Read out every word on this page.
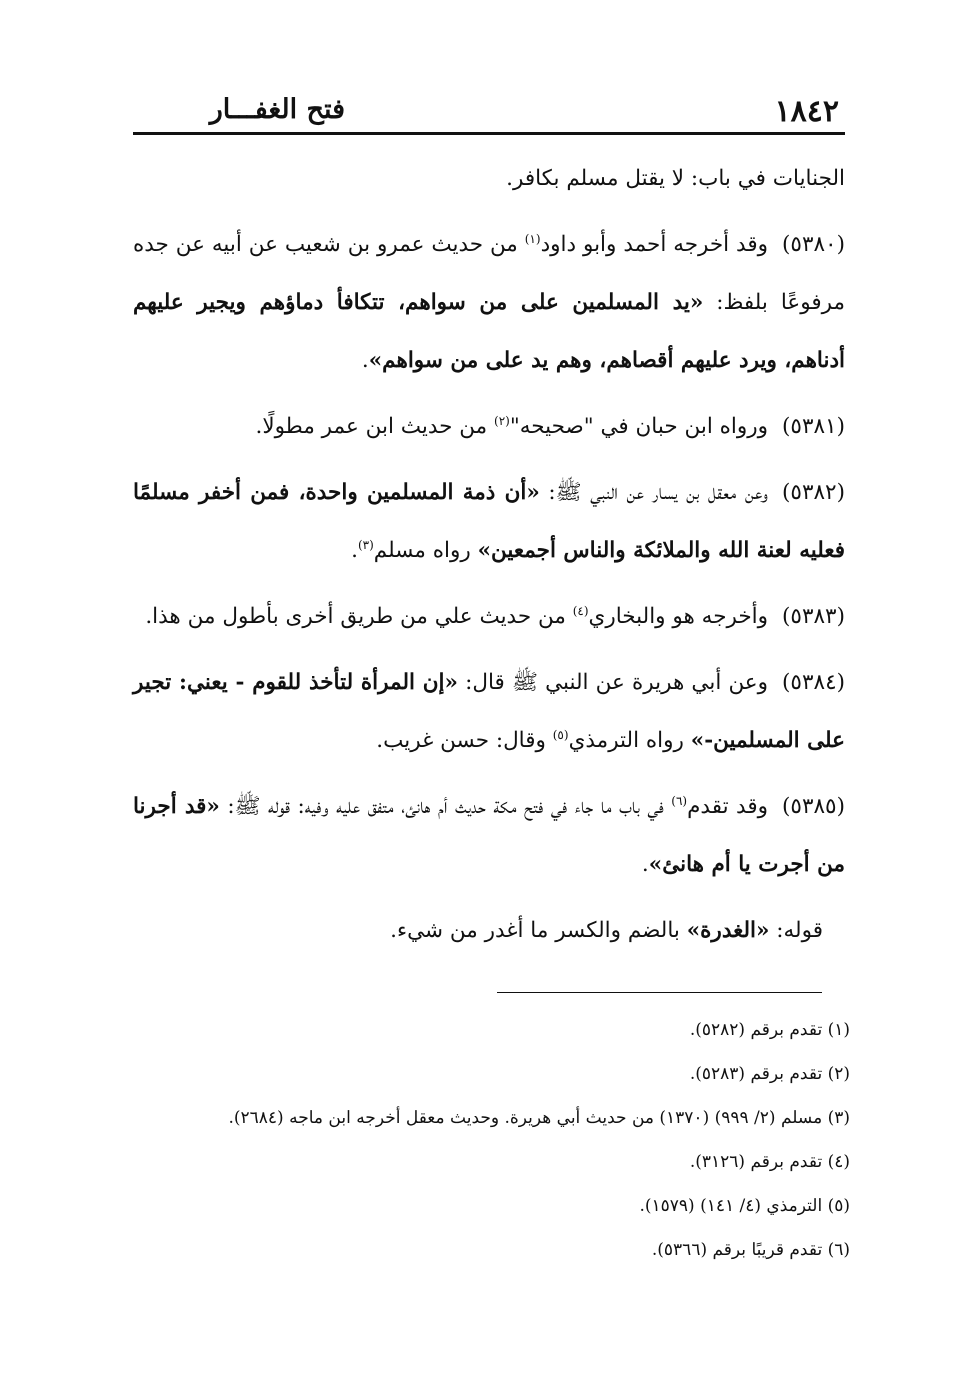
١٨٤٢
فتح الغفـــار

الجنايات في باب: لا يقتل مسلم بكافر.

(٥٣٨٠)وقد أخرجه أحمد وأبو داود$^{(١)}$ من حديث عمرو بن شعيب عن أبيه عن جده مرفوعًا بلفظ: «يد المسلمين على من سواهم، تتكافأ دماؤهم ويجير عليهم أدناهم، ويرد عليهم أقصاهم، وهم يد على من سواهم».

(٥٣٨١)ورواه ابن حبان في "صحيحه"$^{(٢)}$ من حديث ابن عمر مطولًا.

(٥٣٨٢)وعن معقل بن يسار عن النبي ﷺ: «أن ذمة المسلمين واحدة، فمن أخفر مسلمًا فعليه لعنة الله والملائكة والناس أجمعين» رواه مسلم$^{(٣)}$.

(٥٣٨٣)وأخرجه هو والبخاري$^{(٤)}$ من حديث علي من طريق أخرى بأطول من هذا.

(٥٣٨٤)وعن أبي هريرة عن النبي ﷺ قال: «إن المرأة لتأخذ للقوم - يعني: تجير على المسلمين-» رواه الترمذي$^{(٥)}$ وقال: حسن غريب.

(٥٣٨٥)وقد تقدم$^{(٦)}$ في باب ما جاء في فتح مكة حديث أم هانئ، متفق عليه وفيه: قوله ﷺ: «قد أجرنا من أجرت يا أم هانئ».

قوله: «الغدرة» بالضم والكسر ما أغدر من شيء.

(١) تقدم برقم (٥٢٨٢).
(٢) تقدم برقم (٥٢٨٣).
(٣) مسلم (٢/ ٩٩٩) (١٣٧٠) من حديث أبي هريرة. وحديث معقل أخرجه ابن ماجه (٢٦٨٤).
(٤) تقدم برقم (٣١٢٦).
(٥) الترمذي (٤/ ١٤١) (١٥٧٩).
(٦) تقدم قريبًا برقم (٥٣٦٦).
